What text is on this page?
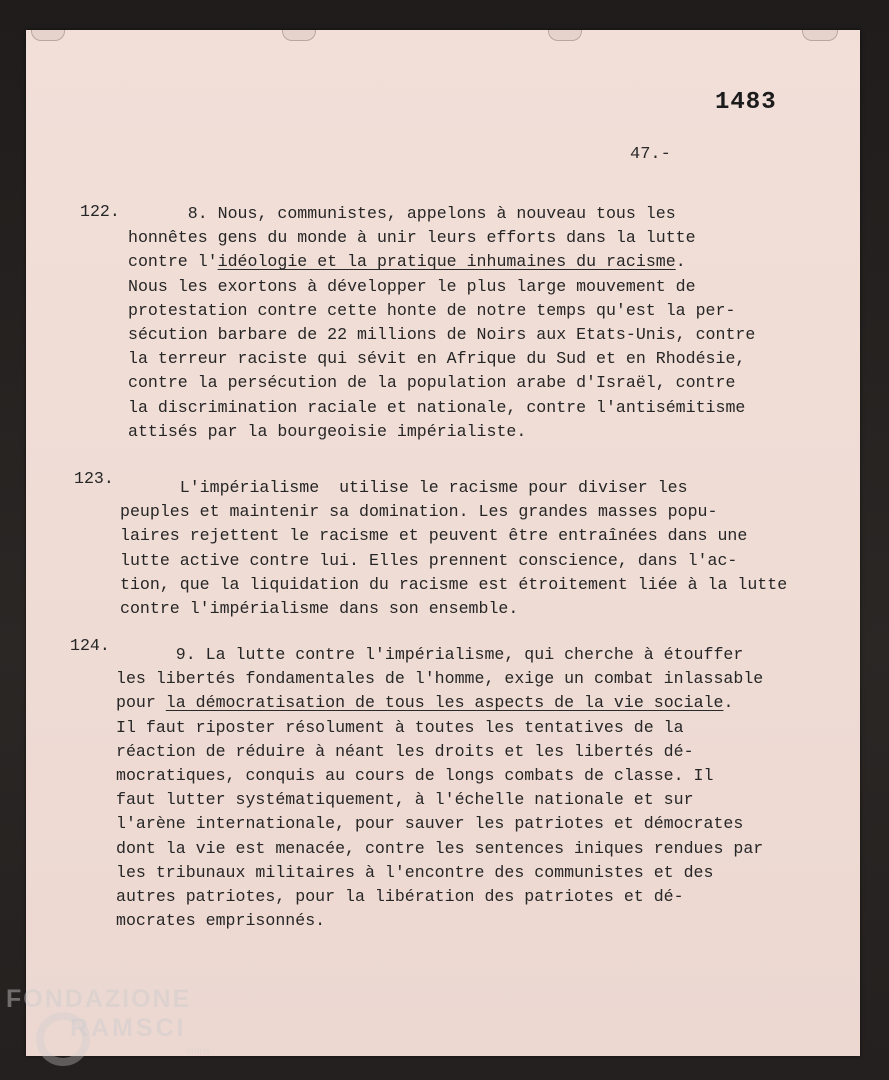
1483
47.-
122. 8. Nous, communistes, appelons à nouveau tous les
honnêtes gens du monde à unir leurs efforts dans la lutte
contre l'idéologie et la pratique inhumaines du racisme.
Nous les exortons à développer le plus large mouvement de
protestation contre cette honte de notre temps qu'est la per-
sécution barbare de 22 millions de Noirs aux Etats-Unis, contre
la terreur raciste qui sévit en Afrique du Sud et en Rhodésie,
contre la persécution de la population arabe d'Israël, contre
la discrimination raciale et nationale, contre l'antisémitisme
attisés par la bourgeoisie impérialiste.
123. L'impérialisme  utilise le racisme pour diviser les
peuples et maintenir sa domination. Les grandes masses popu-
laires rejettent le racisme et peuvent être entraînées dans une
lutte active contre lui. Elles prennent conscience, dans l'ac-
tion, que la liquidation du racisme est étroitement liée à la lutte
contre l'impérialisme dans son ensemble.
124. 9. La lutte contre l'impérialisme, qui cherche à étouffer
les libertés fondamentales de l'homme, exige un combat inlassable
pour la démocratisation de tous les aspects de la vie sociale.
Il faut riposter résolument à toutes les tentatives de la
réaction de réduire à néant les droits et les libertés dé-
mocratiques, conquis au cours de longs combats de classe. Il
faut lutter systématiquement, à l'échelle nationale et sur
l'arène internationale, pour sauver les patriotes et démocrates
dont la vie est menacée, contre les sentences iniques rendues par
les tribunaux militaires à l'encontre des communistes et des
autres patriotes, pour la libération des patriotes et dé-
mocrates emprisonnés.
FONDAZIONE
RAMSCI
onlus
